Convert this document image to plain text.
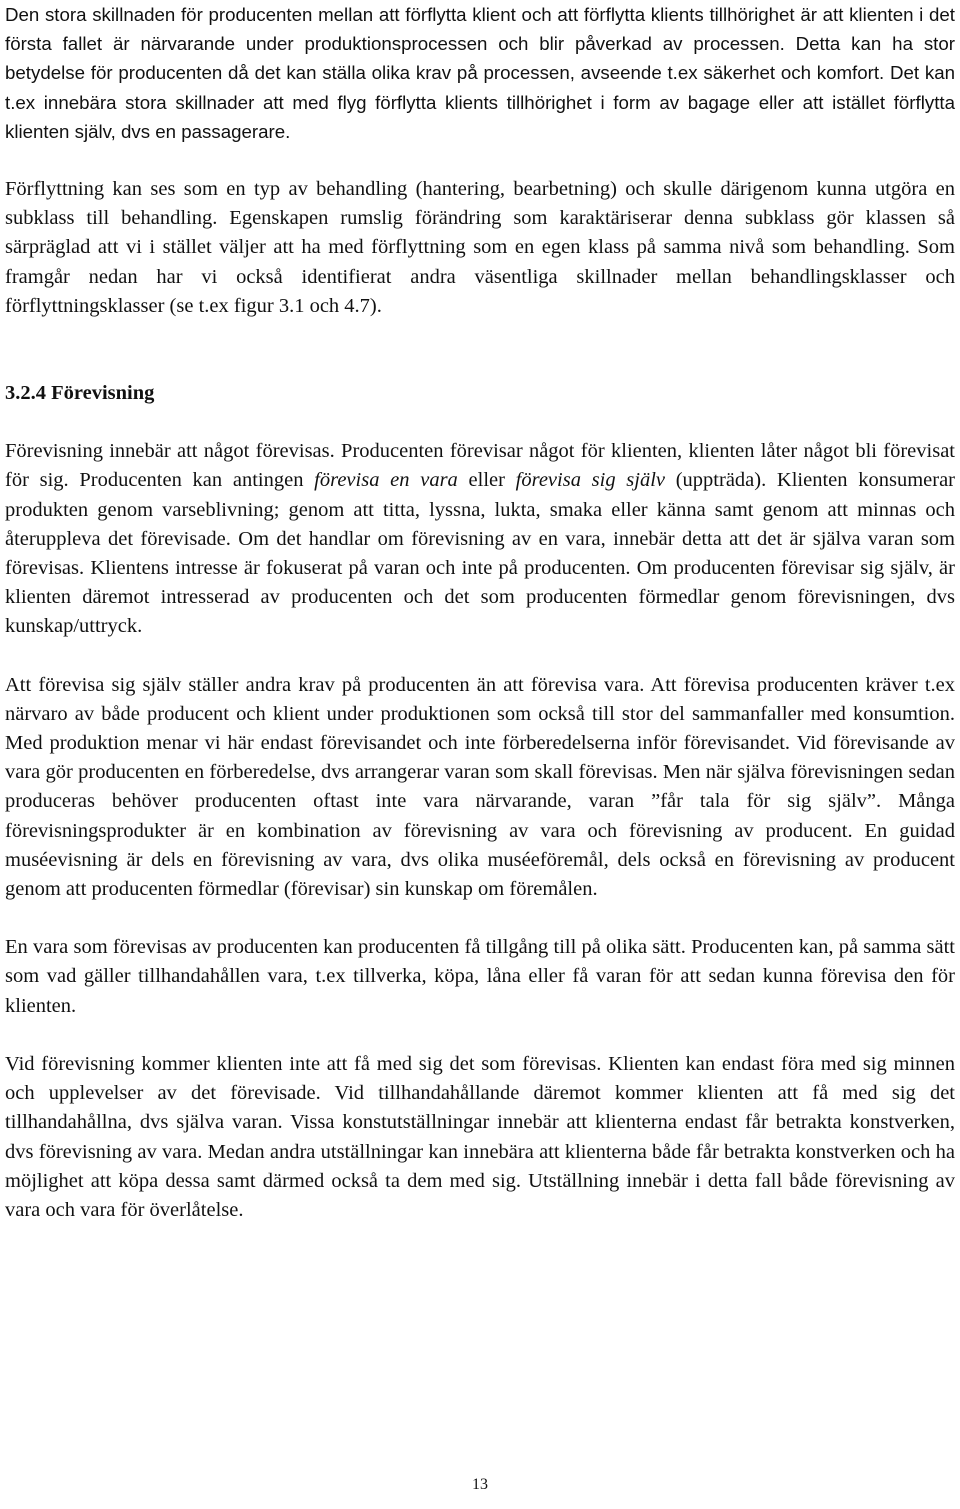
Den stora skillnaden för producenten mellan att förflytta klient och att förflytta klients tillhörighet är att klienten i det första fallet är närvarande under produktionsprocessen och blir påverkad av processen. Detta kan ha stor betydelse för producenten då det kan ställa olika krav på processen, avseende t.ex säkerhet och komfort. Det kan t.ex innebära stora skillnader att med flyg förflytta klients tillhörighet i form av bagage eller att istället förflytta klienten själv, dvs en passagerare.

Förflyttning kan ses som en typ av behandling (hantering, bearbetning) och skulle därigenom kunna utgöra en subklass till behandling. Egenskapen rumslig förändring som karaktäriserar denna subklass gör klassen så särpräglad att vi i stället väljer att ha med förflyttning som en egen klass på samma nivå som behandling. Som framgår nedan har vi också identifierat andra väsentliga skillnader mellan behandlingsklasser och förflyttningsklasser (se t.ex figur 3.1 och 4.7).

3.2.4 Förevisning

Förevisning innebär att något förevisas. Producenten förevisar något för klienten, klienten låter något bli förevisat för sig. Producenten kan antingen förevisa en vara eller förevisa sig själv (uppträda). Klienten konsumerar produkten genom varseblivning; genom att titta, lyssna, lukta, smaka eller känna samt genom att minnas och återuppleva det förevisade. Om det handlar om förevisning av en vara, innebär detta att det är själva varan som förevisas. Klientens intresse är fokuserat på varan och inte på producenten. Om producenten förevisar sig själv, är klienten däremot intresserad av producenten och det som producenten förmedlar genom förevisningen, dvs kunskap/uttryck.

Att förevisa sig själv ställer andra krav på producenten än att förevisa vara. Att förevisa producenten kräver t.ex närvaro av både producent och klient under produktionen som också till stor del sammanfaller med konsumtion. Med produktion menar vi här endast förevisandet och inte förberedelserna inför förevisandet. Vid förevisande av vara gör producenten en förberedelse, dvs arrangerar varan som skall förevisas. Men när själva förevisningen sedan produceras behöver producenten oftast inte vara närvarande, varan ”får tala för sig själv”. Många förevisningsprodukter är en kombination av förevisning av vara och förevisning av producent. En guidad muséevisning är dels en förevisning av vara, dvs olika muséeföremål, dels också en förevisning av producent genom att producenten förmedlar (förevisar) sin kunskap om föremålen.

En vara som förevisas av producenten kan producenten få tillgång till på olika sätt. Producenten kan, på samma sätt som vad gäller tillhandahållen vara, t.ex tillverka, köpa, låna eller få varan för att sedan kunna förevisa den för klienten.

Vid förevisning kommer klienten inte att få med sig det som förevisas. Klienten kan endast föra med sig minnen och upplevelser av det förevisade. Vid tillhandahållande däremot kommer klienten att få med sig det tillhandahållna, dvs själva varan. Vissa konstutställningar innebär att klienterna endast får betrakta konstverken, dvs förevisning av vara. Medan andra utställningar kan innebära att klienterna både får betrakta konstverken och ha möjlighet att köpa dessa samt därmed också ta dem med sig. Utställning innebär i detta fall både förevisning av vara och vara för överlåtelse.

13
